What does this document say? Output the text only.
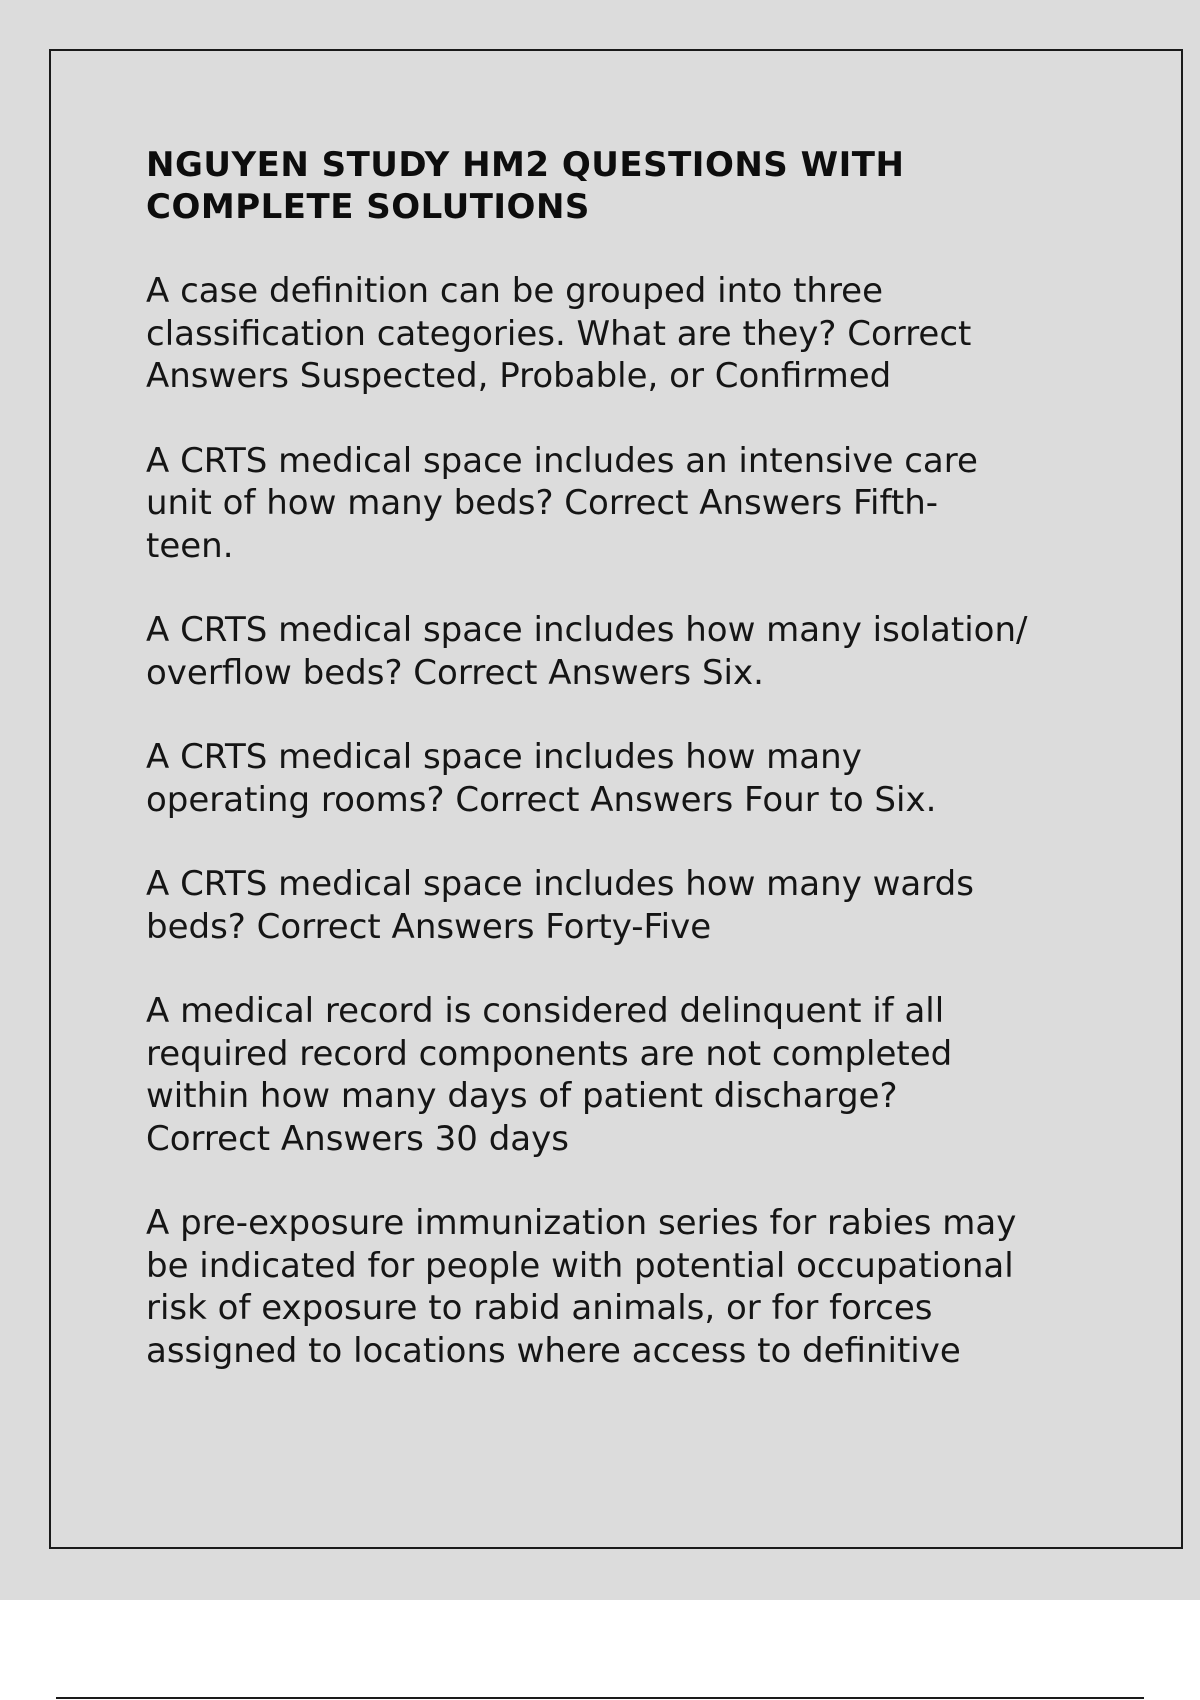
NGUYEN STUDY HM2 QUESTIONS WITH
COMPLETE SOLUTIONS

A case definition can be grouped into three
classification categories. What are they? Correct
Answers Suspected, Probable, or Confirmed

A CRTS medical space includes an intensive care
unit of how many beds? Correct Answers Fifth-
teen.

A CRTS medical space includes how many isolation/
overflow beds? Correct Answers Six.

A CRTS medical space includes how many
operating rooms? Correct Answers Four to Six.

A CRTS medical space includes how many wards
beds? Correct Answers Forty-Five

A medical record is considered delinquent if all
required record components are not completed
within how many days of patient discharge?
Correct Answers 30 days

A pre-exposure immunization series for rabies may
be indicated for people with potential occupational
risk of exposure to rabid animals, or for forces
assigned to locations where access to definitive
